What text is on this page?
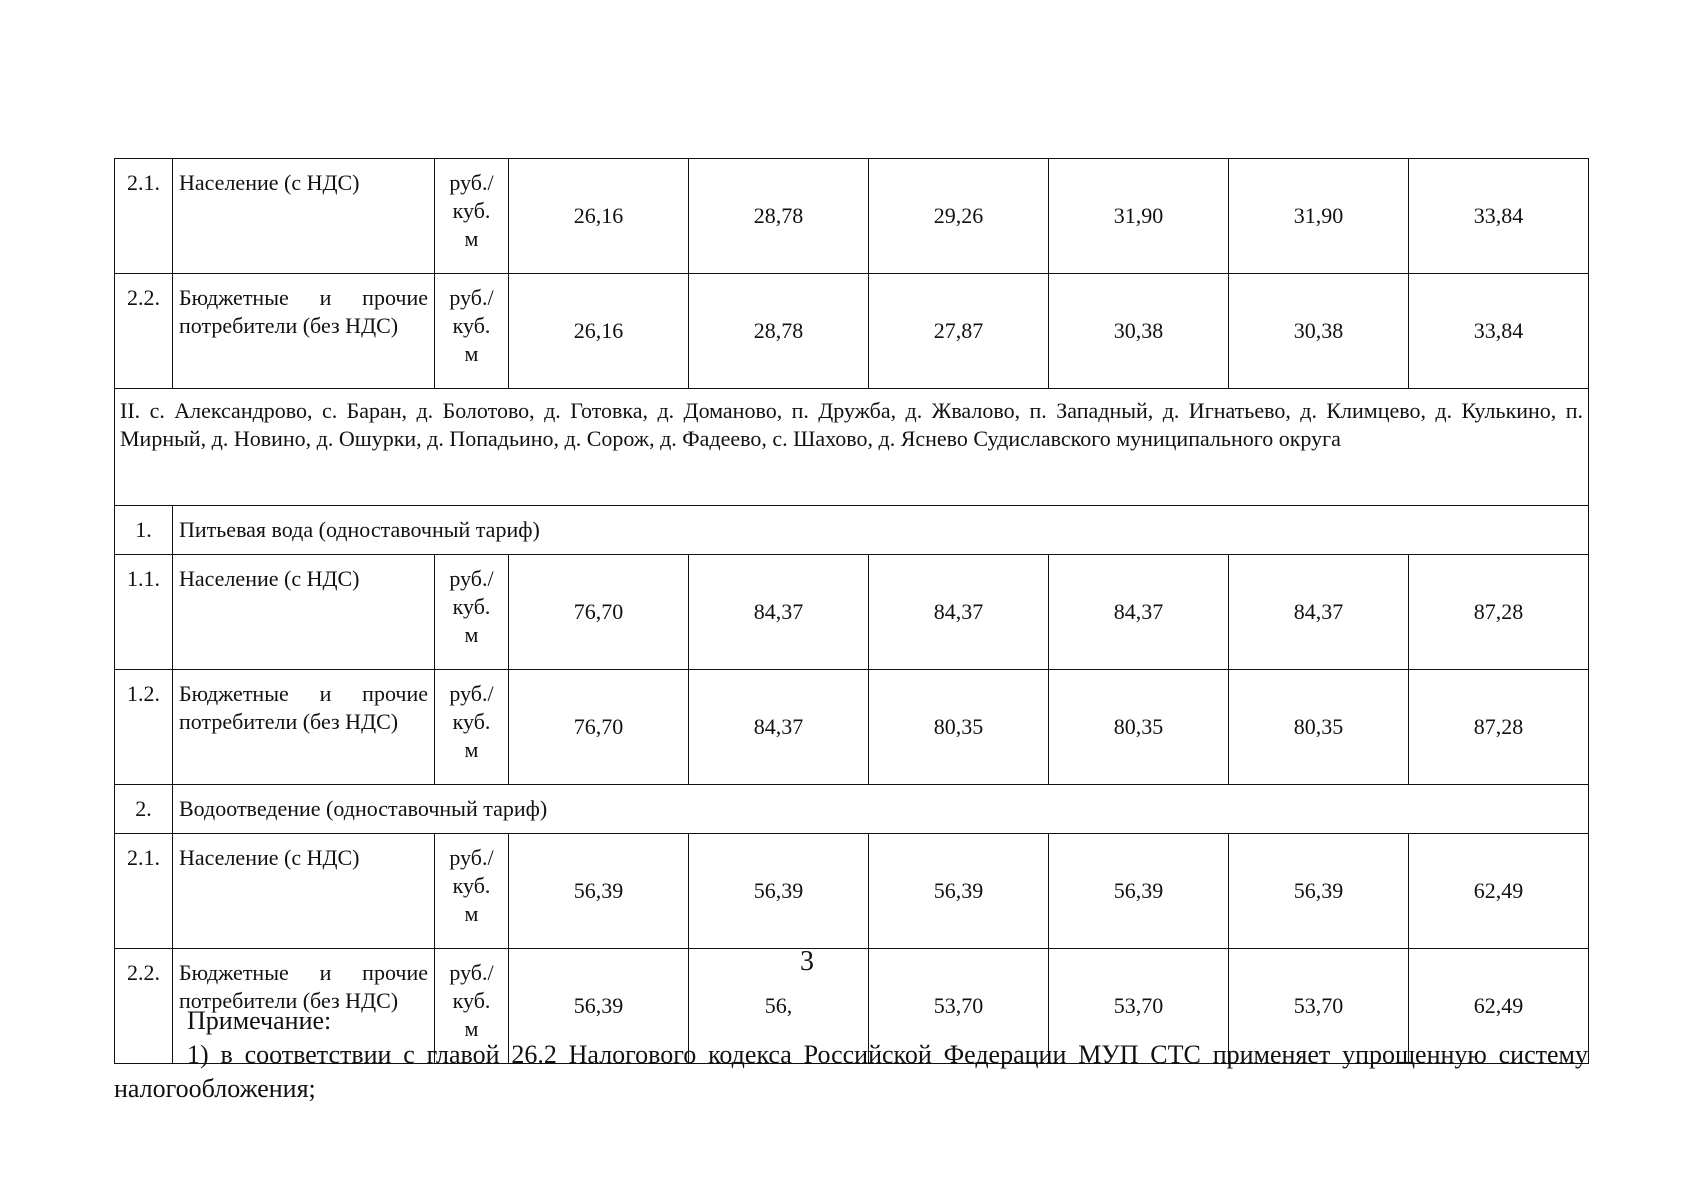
2.1.	Население (с НДС)	руб./
куб.
м	26,16	28,78	29,26	31,90	31,90	33,84
2.2.	Бюджетные и прочие потребители (без НДС)	руб./
куб.
м	26,16	28,78	27,87	30,38	30,38	33,84
II. с. Александрово, с. Баран, д. Болотово, д. Готовка, д. Доманово, п. Дружба, д. Жвалово, п. Западный, д. Игнатьево, д. Климцево, д. Кулькино, п. Мирный, д. Новино, д. Ошурки, д. Попадьино, д. Сорож, д. Фадеево, с. Шахово, д. Яснево Судиславского муниципального округа								
1.	Питьевая вода (одноставочный тариф)							
1.1.	Население (с НДС)	руб./
куб.
м	76,70	84,37	84,37	84,37	84,37	87,28
1.2.	Бюджетные и прочие потребители (без НДС)	руб./
куб.
м	76,70	84,37	80,35	80,35	80,35	87,28
2.	Водоотведение (одноставочный тариф)							
2.1.	Население (с НДС)	руб./
куб.
м	56,39	56,39	56,39	56,39	56,39	62,49
2.2.	Бюджетные и прочие потребители (без НДС)	руб./
куб.
м	56,39	56,	53,70	53,70	53,70	62,49
3

Примечание:

1) в соответствии с главой 26.2 Налогового кодекса Российской Федерации МУП СТС применяет упрощенную систему налогообложения;
